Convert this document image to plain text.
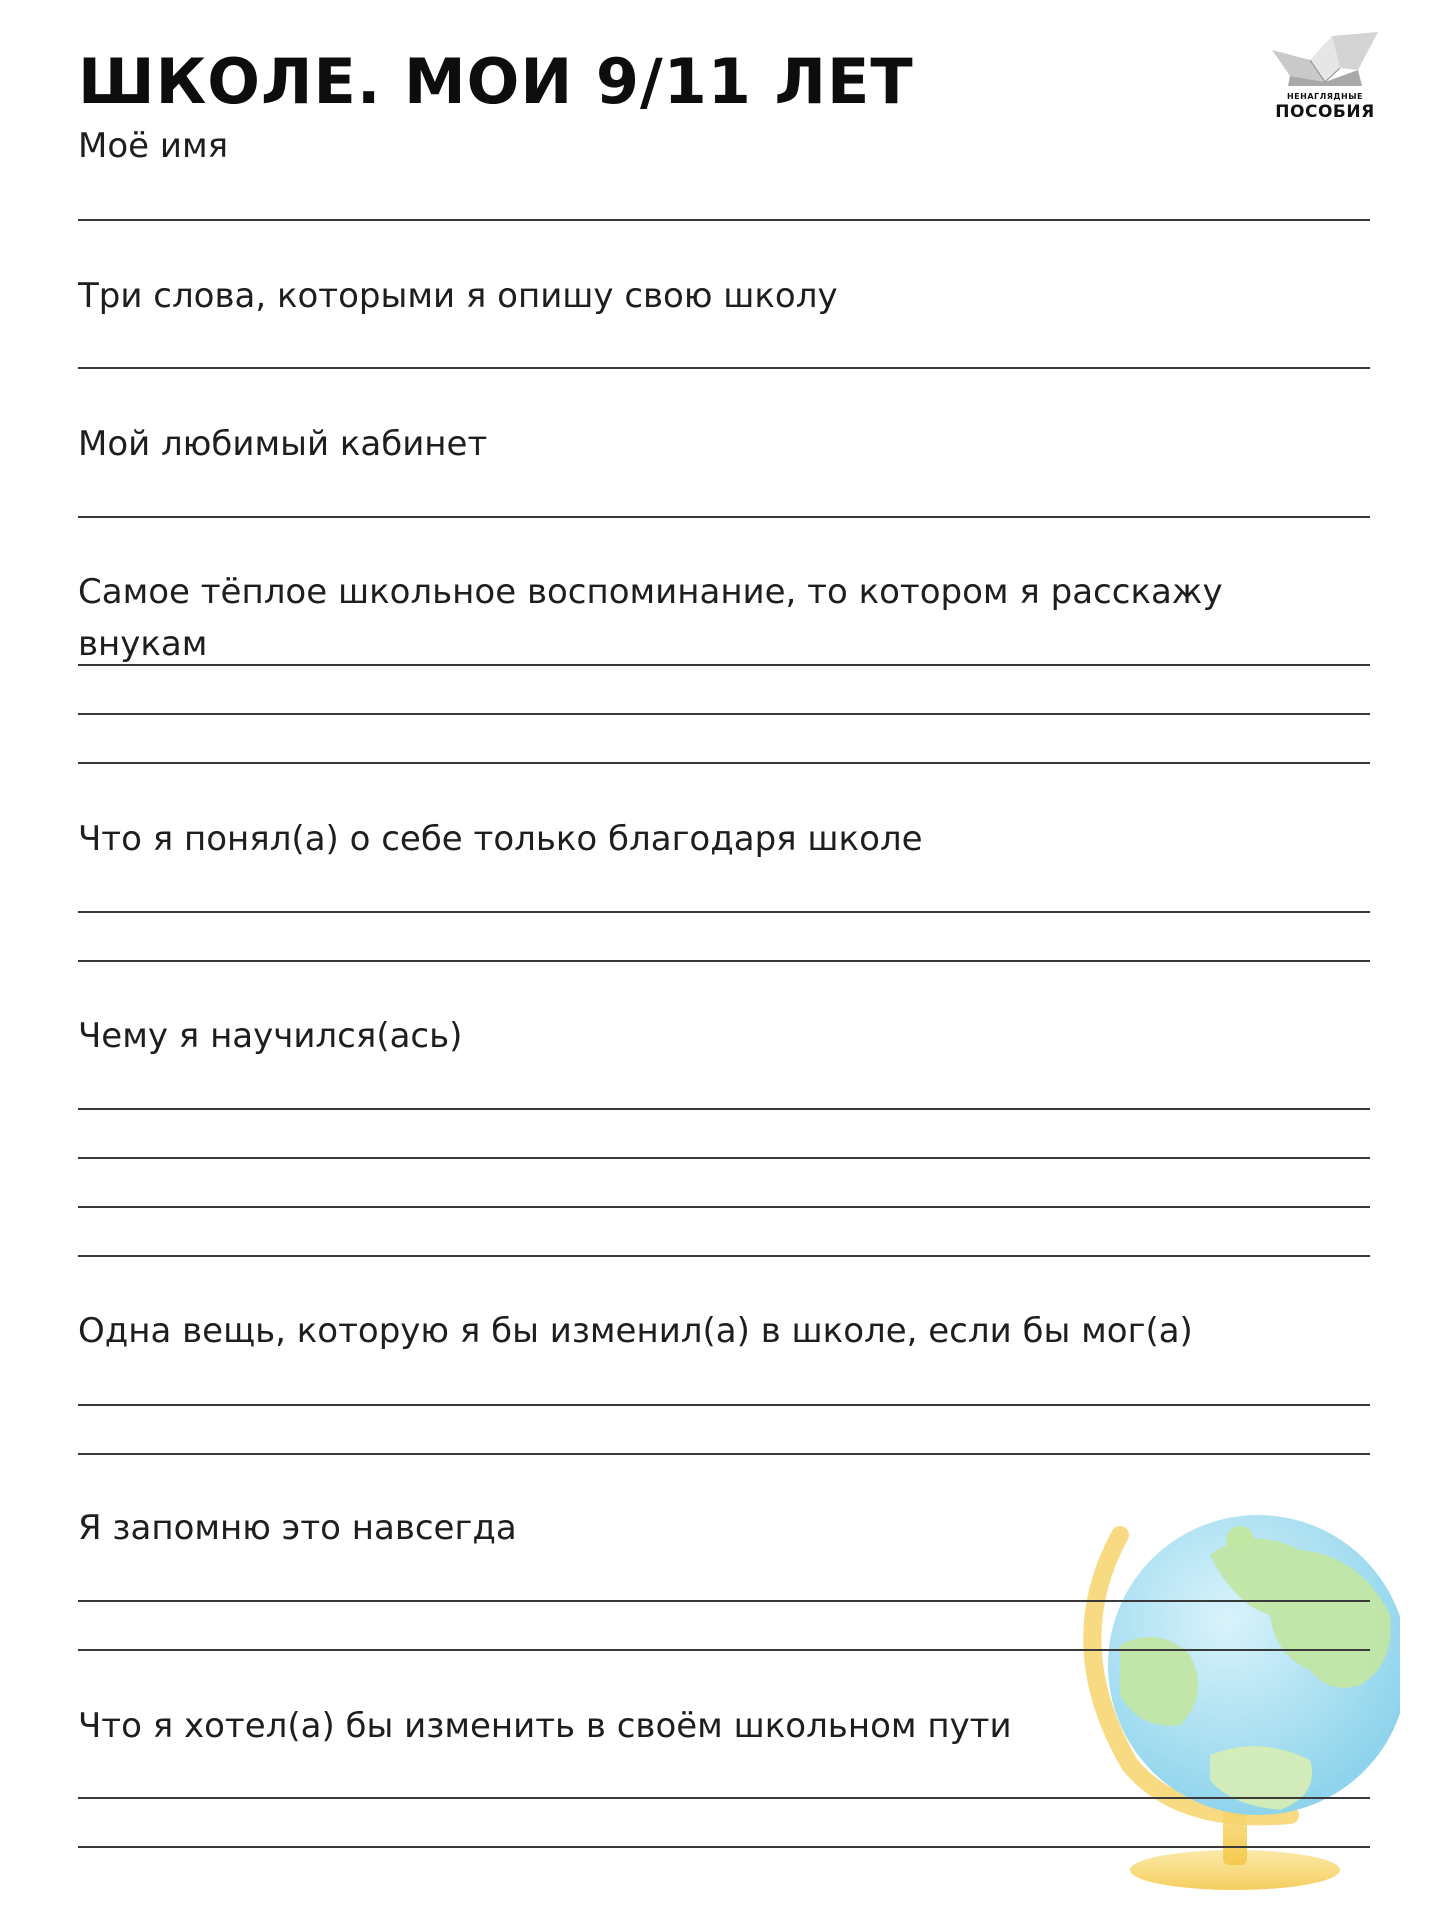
ШКОЛЕ. МОИ 9/11 ЛЕТ	НЕНАГЛЯДНЫЕ
ПОСОБИЯ
Моё имя
Три слова, которыми я опишу свою школу
Мой любимый кабинет
Самое тёплое школьное воспоминание, то котором я расскажу внукам
Что я понял(а) о себе только благодаря школе
Чему я научился(ась)
Одна вещь, которую я бы изменил(а) в школе, если бы мог(а)
Я запомню это навсегда
Что я хотел(а) бы изменить в своём школьном пути
